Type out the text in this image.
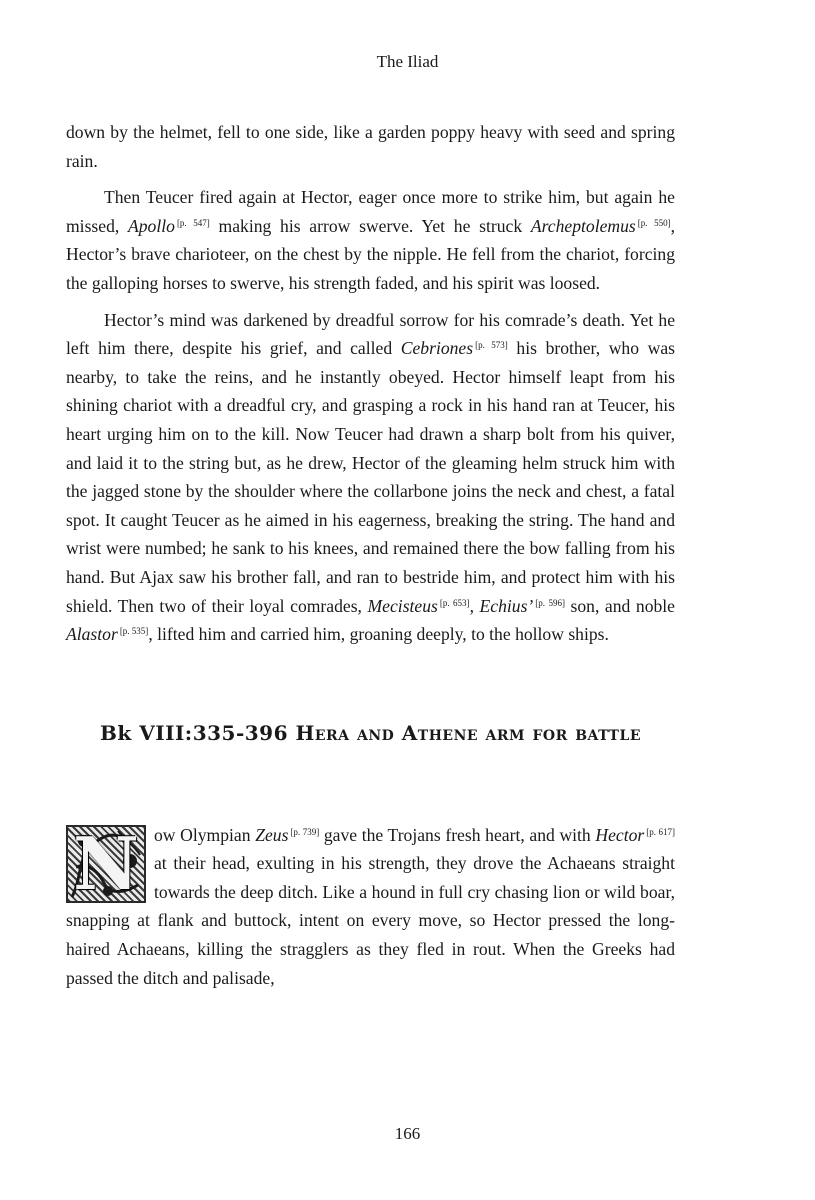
The Iliad

down by the helmet, fell to one side, like a garden poppy heavy with seed and spring rain.

Then Teucer fired again at Hector, eager once more to strike him, but again he missed, Apollo [p. 547] making his arrow swerve. Yet he struck Archeptolemus [p. 550], Hector’s brave charioteer, on the chest by the nipple. He fell from the chariot, forcing the galloping horses to swerve, his strength faded, and his spirit was loosed.

Hector’s mind was darkened by dreadful sorrow for his comrade’s death. Yet he left him there, despite his grief, and called Cebriones [p. 573] his brother, who was nearby, to take the reins, and he instantly obeyed. Hector himself leapt from his shining chariot with a dreadful cry, and grasping a rock in his hand ran at Teucer, his heart urging him on to the kill. Now Teucer had drawn a sharp bolt from his quiver, and laid it to the string but, as he drew, Hector of the gleaming helm struck him with the jagged stone by the shoulder where the collarbone joins the neck and chest, a fatal spot. It caught Teucer as he aimed in his eagerness, breaking the string. The hand and wrist were numbed; he sank to his knees, and remained there the bow falling from his hand. But Ajax saw his brother fall, and ran to bestride him, and protect him with his shield. Then two of their loyal comrades, Mecisteus [p. 653], Echius’ [p. 596] son, and noble Alastor [p. 535], lifted him and carried him, groaning deeply, to the hollow ships.

Bk VIII:335-396 Hera and Athene arm for battle

N ow Olympian Zeus [p. 739] gave the Trojans fresh heart, and with Hector [p. 617] at their head, exulting in his strength, they drove the Achaeans straight towards the deep ditch. Like a hound in full cry chasing lion or wild boar, snapping at flank and buttock, intent on every move, so Hector pressed the long-haired Achaeans, killing the stragglers as they fled in rout. When the Greeks had passed the ditch and palisade,

166
